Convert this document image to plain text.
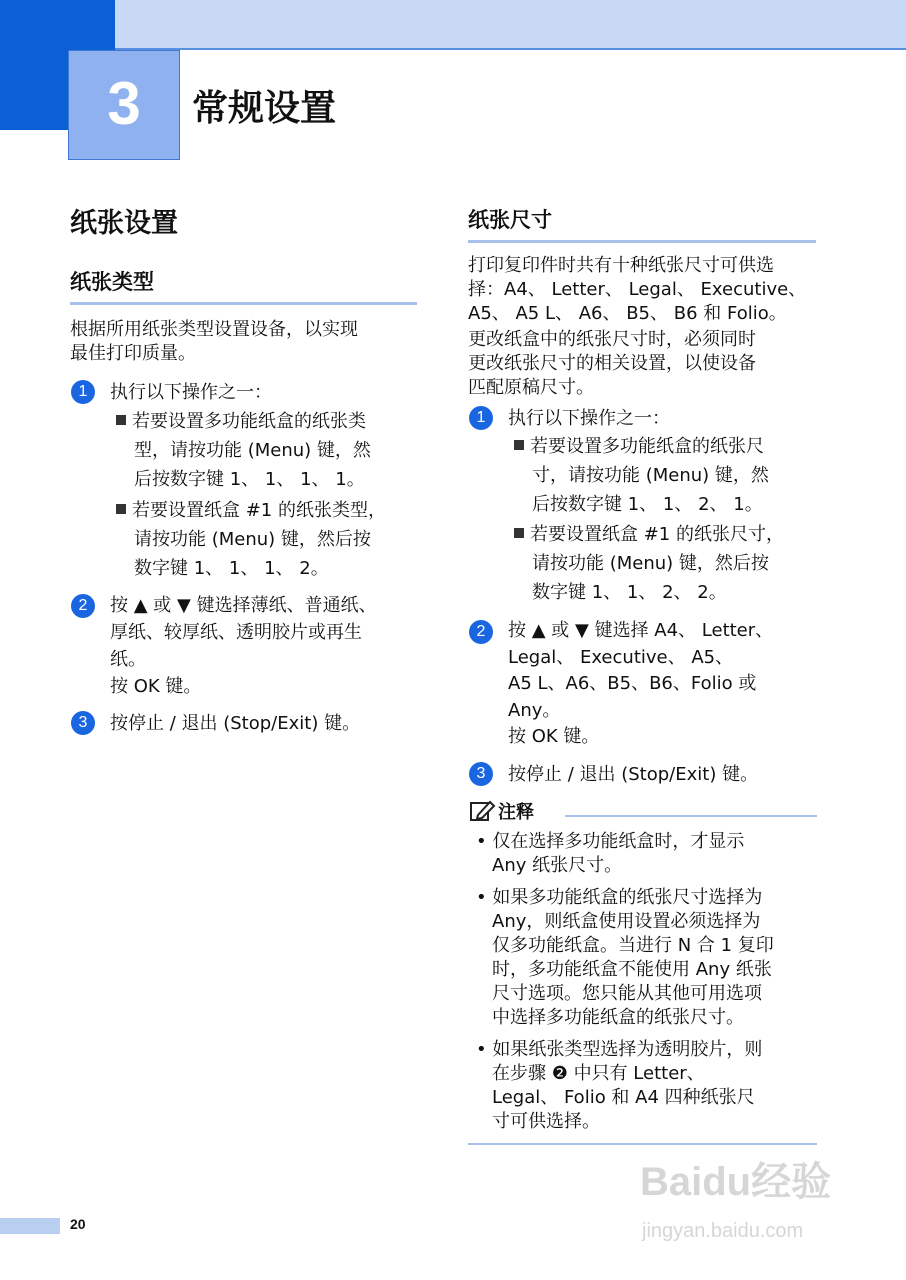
3	常规设置
纸张设置
纸张类型
根据所用纸张类型设置设备，以实现
最佳打印质量。
1	执行以下操作之一：
若要设置多功能纸盒的纸张类
型，请按功能 (Menu) 键，然
后按数字键 1、 1、 1、 1。
若要设置纸盒 #1 的纸张类型，
请按功能 (Menu) 键，然后按
数字键 1、 1、 1、 2。
2	按 ▲ 或 ▼ 键选择薄纸、普通纸、
厚纸、较厚纸、透明胶片或再生
纸。
按 OK 键。
3	按停止 / 退出 (Stop/Exit) 键。
纸张尺寸
打印复印件时共有十种纸张尺寸可供选
择：A4、 Letter、 Legal、 Executive、
A5、 A5 L、 A6、 B5、 B6 和 Folio。
更改纸盒中的纸张尺寸时，必须同时
更改纸张尺寸的相关设置，以使设备
匹配原稿尺寸。
1	执行以下操作之一：
若要设置多功能纸盒的纸张尺
寸，请按功能 (Menu) 键，然
后按数字键 1、 1、 2、 1。
若要设置纸盒 #1 的纸张尺寸，
请按功能 (Menu) 键，然后按
数字键 1、 1、 2、 2。
2	按 ▲ 或 ▼ 键选择 A4、 Letter、
Legal、 Executive、 A5、
A5 L、A6、B5、B6、Folio 或
Any。
按 OK 键。
3	按停止 / 退出 (Stop/Exit) 键。
注释
• 仅在选择多功能纸盒时，才显示
Any 纸张尺寸。
• 如果多功能纸盒的纸张尺寸选择为
Any，则纸盒使用设置必须选择为
仅多功能纸盒。当进行 N 合 1 复印
时，多功能纸盒不能使用 Any 纸张
尺寸选项。您只能从其他可用选项
中选择多功能纸盒的纸张尺寸。
• 如果纸张类型选择为透明胶片，则
在步骤 ❷ 中只有 Letter、
Legal、 Folio 和 A4 四种纸张尺
寸可供选择。
20
Baidu经验
jingyan.baidu.com
